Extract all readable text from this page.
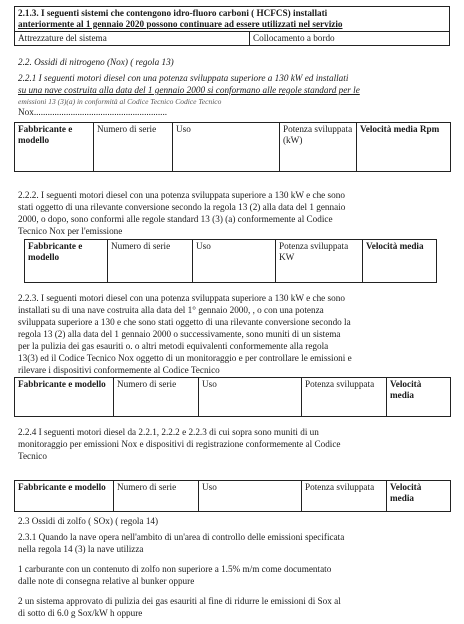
2.1.3. I seguenti sistemi che contengono idro-fluoro carboni ( HCFCS) installati
anteriormente al 1 gennaio 2020 possono continuare ad essere utilizzati nel servizio

Attrezzature del sistema	Collocamento a bordo
2.2. Ossidi di nitrogeno (Nox) ( regola 13)
2.2.1 I seguenti motori diesel con una potenza sviluppata superiore a 130 kW ed installati
su una nave costruita alla data del 1 gennaio 2000 si conformano alle regole standard per le
emissioni 13 (3)(a) in conformità al Codice Tecnico Codice Tecnico
Nox..........................................................
Fabbricante e modello	Numero di serie	Uso	Potenza sviluppata (kW)	Velocità media Rpm
2.2.2. I seguenti motori diesel con una potenza sviluppata superiore a 130 kW e che sono
stati oggetto di una rilevante conversione secondo la regola 13 (2) alla data del 1 gennaio
2000, o dopo, sono conformi alle regole standard 13 (3) (a) conformemente al Codice
Tecnico Nox per l'emissione
Fabbricante e modello	Numero di serie	Uso	Potenza sviluppata KW	Velocità media
2.2.3. I seguenti motori diesel con una potenza sviluppata superiore a 130 kW e che sono
installati su di una nave costruita alla data del 1° gennaio 2000, , o con una potenza
sviluppata superiore a 130 e che sono stati oggetto di una rilevante conversione secondo la
regola 13 (2) alla data del 1 gennaio 2000 o successivamente, sono muniti di un sistema
per la pulizia dei gas esauriti o. o altri metodi equivalenti conformemente alla regola
13(3) ed il Codice Tecnico Nox oggetto di un monitoraggio e per controllare le emissioni e
rilevare i dispositivi conformemente al Codice Tecnico
Fabbricante e modello	Numero di serie	Uso	Potenza sviluppata	Velocità media
2.2.4 I seguenti motori diesel da 2.2.1, 2.2.2 e 2.2.3 di cui sopra sono muniti di un
monitoraggio per emissioni Nox e dispositivi di registrazione conformemente al Codice
Tecnico
Fabbricante e modello	Numero di serie	Uso	Potenza sviluppata	Velocità media
2.3 Ossidi di zolfo ( SOx) ( regola 14)
2.3.1 Quando la nave opera nell'ambito di un'area di controllo delle emissioni specificata
nella regola 14 (3) la nave utilizza
1 carburante con un contenuto di zolfo non superiore a 1.5% m/m come documentato
dalle note di consegna relative al bunker oppure
2 un sistema approvato di pulizia dei gas esauriti al fine di ridurre le emissioni di Sox al
di sotto di 6.0 g Sox/kW h oppure
